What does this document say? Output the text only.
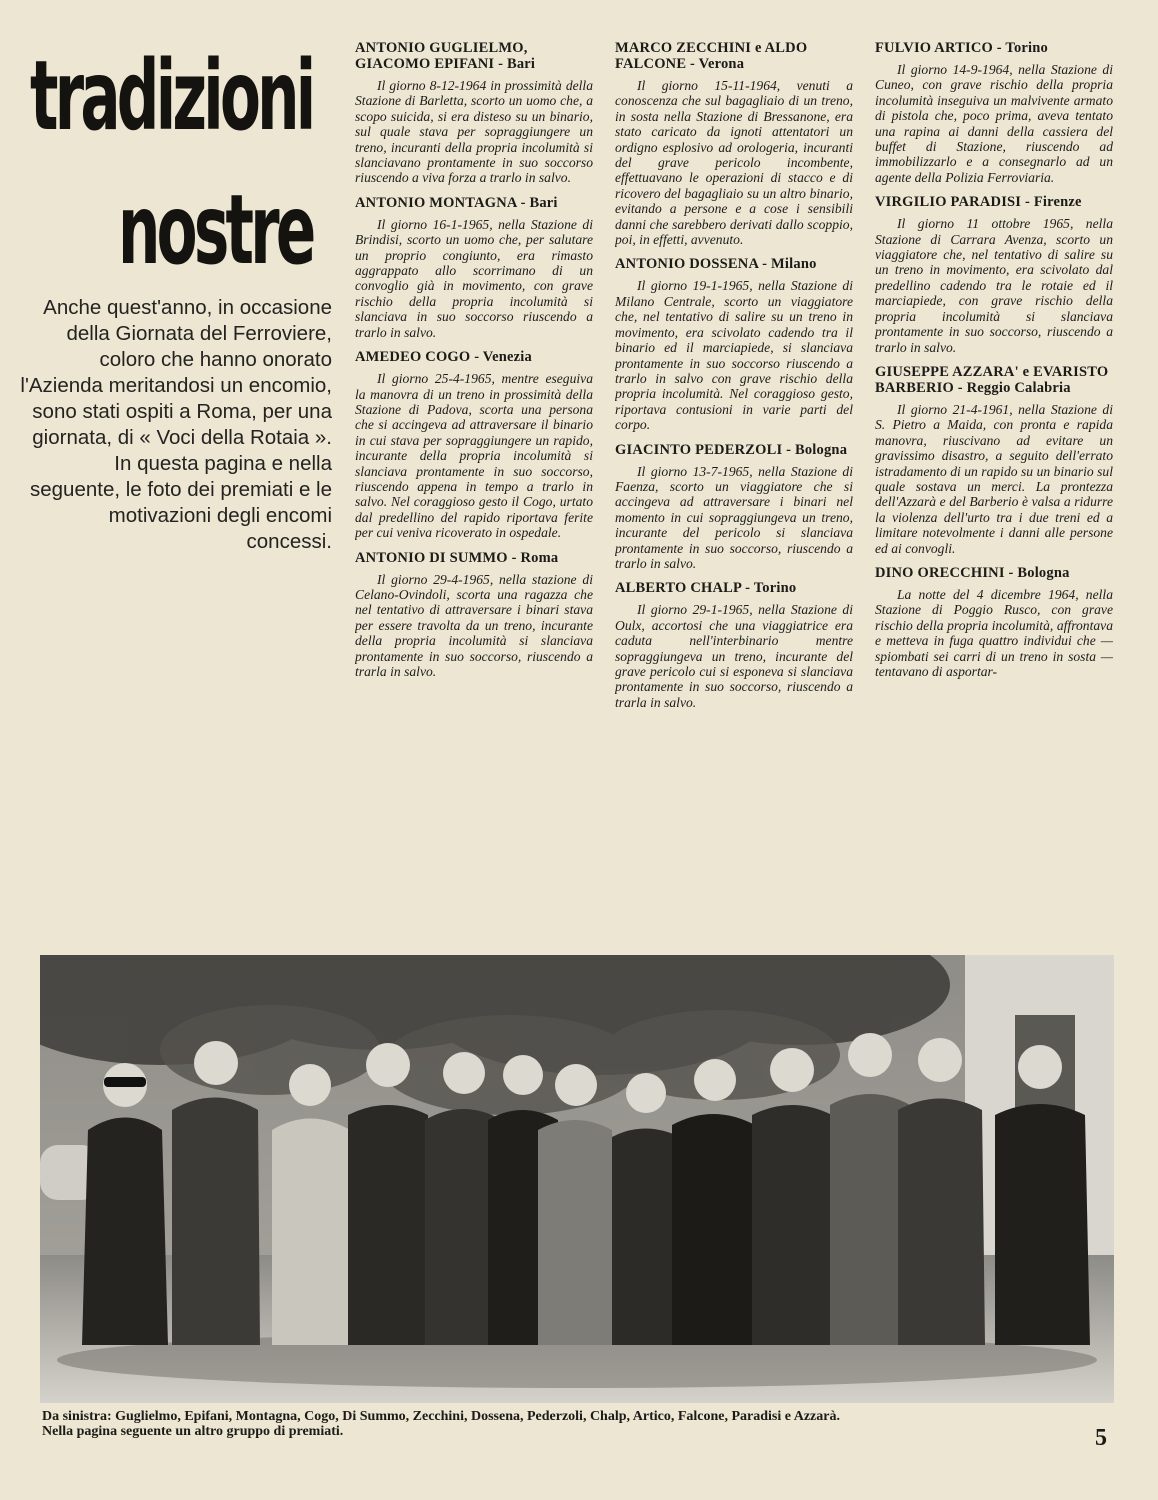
tradizioni
nostre
Anche quest'anno, in occasione della Giornata del Ferroviere, coloro che hanno onorato l'Azienda meritandosi un encomio, sono stati ospiti a Roma, per una giornata, di « Voci della Rotaia ». In questa pagina e nella seguente, le foto dei premiati e le motivazioni degli encomi concessi.

ANTONIO GUGLIELMO, GIACOMO EPIFANI - Bari

Il giorno 8-12-1964 in prossimità della Stazione di Barletta, scorto un uomo che, a scopo suicida, si era disteso su un binario, sul quale stava per sopraggiungere un treno, incuranti della propria incolumità si slanciavano prontamente in suo soccorso riuscendo a viva forza a trarlo in salvo.

ANTONIO MONTAGNA - Bari

Il giorno 16-1-1965, nella Stazione di Brindisi, scorto un uomo che, per salutare un proprio congiunto, era rimasto aggrappato allo scorrimano di un convoglio già in movimento, con grave rischio della propria incolumità si slanciava in suo soccorso riuscendo a trarlo in salvo.

AMEDEO COGO - Venezia

Il giorno 25-4-1965, mentre eseguiva la manovra di un treno in prossimità della Stazione di Padova, scorta una persona che si accingeva ad attraversare il binario in cui stava per sopraggiungere un rapido, incurante della propria incolumità si slanciava prontamente in suo soccorso, riuscendo appena in tempo a trarlo in salvo. Nel coraggioso gesto il Cogo, urtato dal predellino del rapido riportava ferite per cui veniva ricoverato in ospedale.

ANTONIO DI SUMMO - Roma

Il giorno 29-4-1965, nella stazione di Celano-Ovindoli, scorta una ragazza che nel tentativo di attraversare i binari stava per essere travolta da un treno, incurante della propria incolumità si slanciava prontamente in suo soccorso, riuscendo a trarla in salvo.

MARCO ZECCHINI e ALDO FALCONE - Verona

Il giorno 15-11-1964, venuti a conoscenza che sul bagagliaio di un treno, in sosta nella Stazione di Bressanone, era stato caricato da ignoti attentatori un ordigno esplosivo ad orologeria, incuranti del grave pericolo incombente, effettuavano le operazioni di stacco e di ricovero del bagagliaio su un altro binario, evitando a persone e a cose i sensibili danni che sarebbero derivati dallo scoppio, poi, in effetti, avvenuto.

ANTONIO DOSSENA - Milano

Il giorno 19-1-1965, nella Stazione di Milano Centrale, scorto un viaggiatore che, nel tentativo di salire su un treno in movimento, era scivolato cadendo tra il binario ed il marciapiede, si slanciava prontamente in suo soccorso riuscendo a trarlo in salvo con grave rischio della propria incolumità. Nel coraggioso gesto, riportava contusioni in varie parti del corpo.

GIACINTO PEDERZOLI - Bologna

Il giorno 13-7-1965, nella Stazione di Faenza, scorto un viaggiatore che si accingeva ad attraversare i binari nel momento in cui sopraggiungeva un treno, incurante del pericolo si slanciava prontamente in suo soccorso, riuscendo a trarlo in salvo.

ALBERTO CHALP - Torino

Il giorno 29-1-1965, nella Stazione di Oulx, accortosi che una viaggiatrice era caduta nell'interbinario mentre sopraggiungeva un treno, incurante del grave pericolo cui si esponeva si slanciava prontamente in suo soccorso, riuscendo a trarla in salvo.

FULVIO ARTICO - Torino

Il giorno 14-9-1964, nella Stazione di Cuneo, con grave rischio della propria incolumità inseguiva un malvivente armato di pistola che, poco prima, aveva tentato una rapina ai danni della cassiera del buffet di Stazione, riuscendo ad immobilizzarlo e a consegnarlo ad un agente della Polizia Ferroviaria.

VIRGILIO PARADISI - Firenze

Il giorno 11 ottobre 1965, nella Stazione di Carrara Avenza, scorto un viaggiatore che, nel tentativo di salire su un treno in movimento, era scivolato dal predellino cadendo tra le rotaie ed il marciapiede, con grave rischio della propria incolumità si slanciava prontamente in suo soccorso, riuscendo a trarlo in salvo.

GIUSEPPE AZZARA' e EVARISTO BARBERIO - Reggio Calabria

Il giorno 21-4-1961, nella Stazione di S. Pietro a Maida, con pronta e rapida manovra, riuscivano ad evitare un gravissimo disastro, a seguito dell'errato istradamento di un rapido su un binario sul quale sostava un merci. La prontezza dell'Azzarà e del Barberio è valsa a ridurre la violenza dell'urto tra i due treni ed a limitare notevolmente i danni alle persone ed ai convogli.

DINO ORECCHINI - Bologna

La notte del 4 dicembre 1964, nella Stazione di Poggio Rusco, con grave rischio della propria incolumità, affrontava e metteva in fuga quattro individui che — spiombati sei carri di un treno in sosta — tentavano di asportar-

Da sinistra: Guglielmo, Epifani, Montagna, Cogo, Di Summo, Zecchini, Dossena, Pederzoli, Chalp, Artico, Falcone, Paradisi e Azzarà.
Nella pagina seguente un altro gruppo di premiati.	5
